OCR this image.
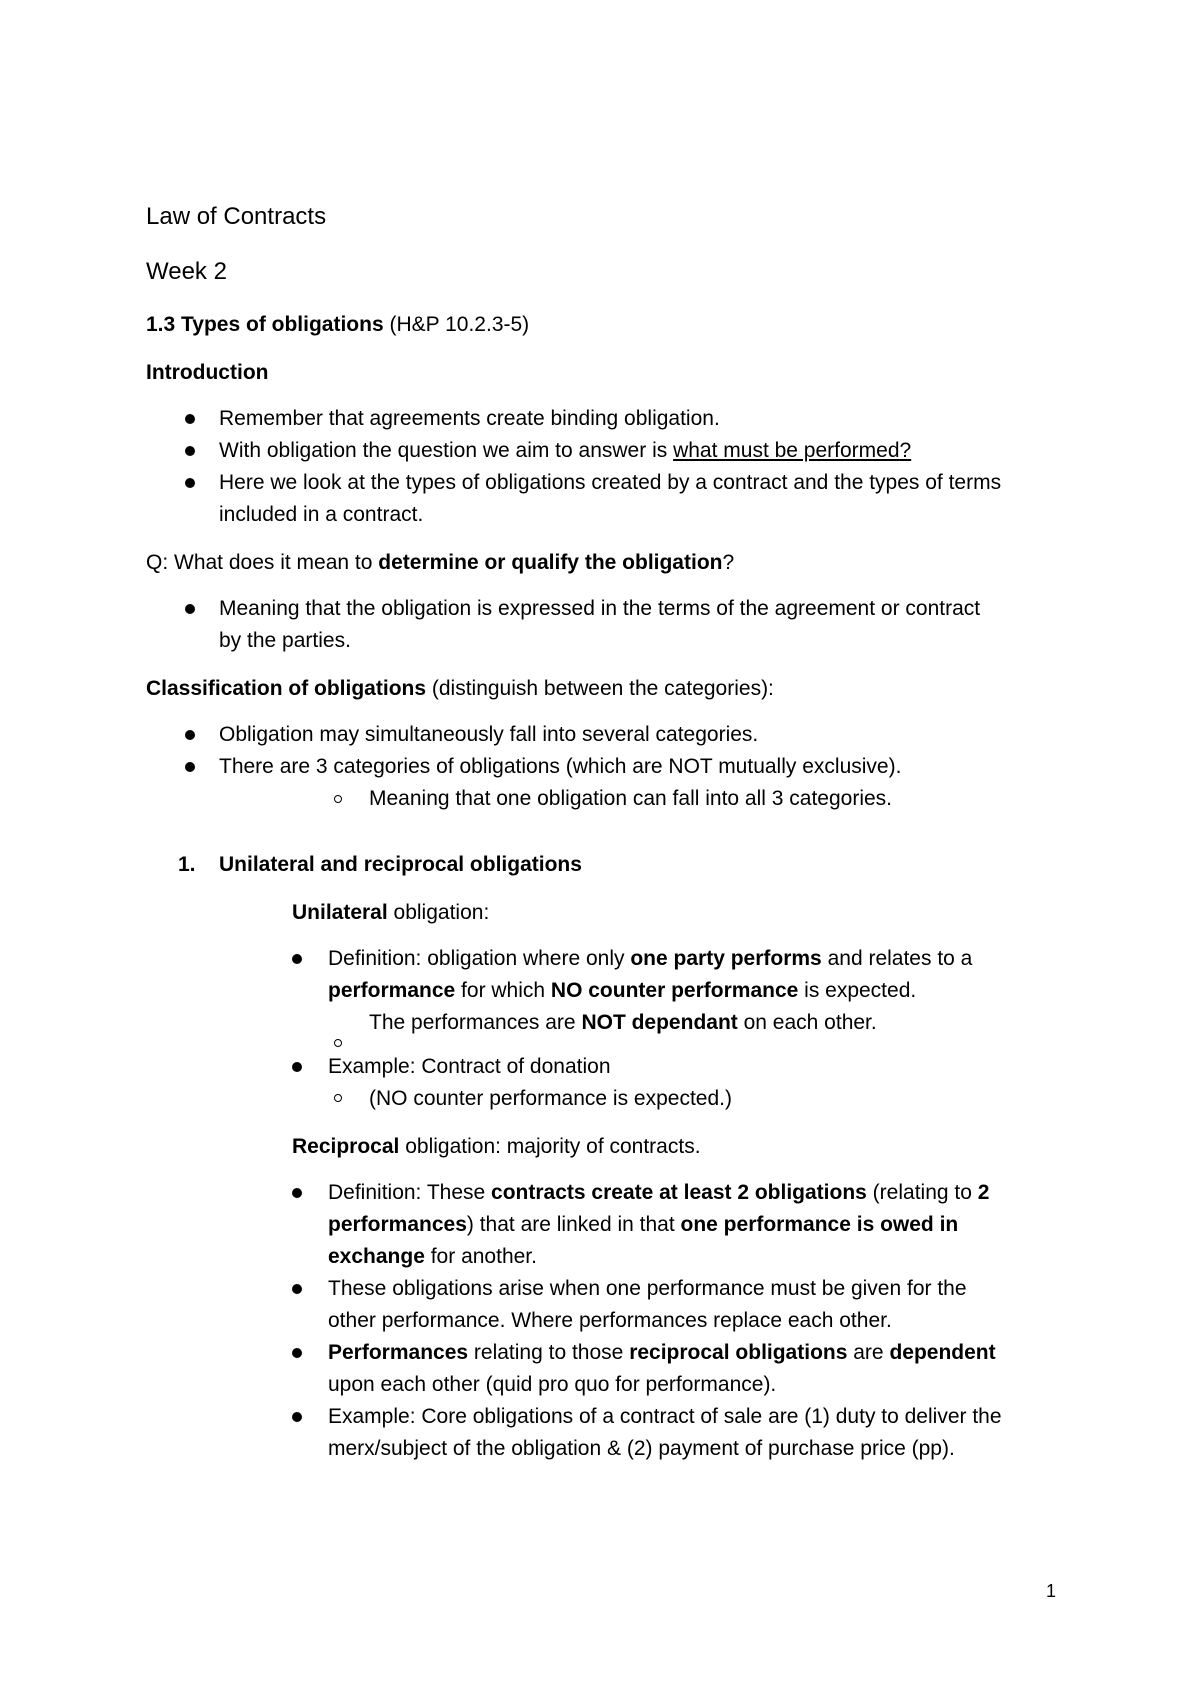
Law of Contracts

Week 2

1.3 Types of obligations (H&P 10.2.3-5)

Introduction

Remember that agreements create binding obligation.

With obligation the question we aim to answer is what must be performed?

Here we look at the types of obligations created by a contract and the types of terms

included in a contract.

Q: What does it mean to determine or qualify the obligation?

Meaning that the obligation is expressed in the terms of the agreement or contract

by the parties.

Classification of obligations (distinguish between the categories):

Obligation may simultaneously fall into several categories.

There are 3 categories of obligations (which are NOT mutually exclusive).

Meaning that one obligation can fall into all 3 categories.

1. Unilateral and reciprocal obligations

Unilateral obligation:

Definition: obligation where only one party performs and relates to a

performance for which NO counter performance is expected.

The performances are NOT dependant on each other.

Example: Contract of donation

(NO counter performance is expected.)

Reciprocal obligation: majority of contracts.

Definition: These contracts create at least 2 obligations (relating to 2

performances) that are linked in that one performance is owed in

exchange for another.

These obligations arise when one performance must be given for the

other performance. Where performances replace each other.

Performances relating to those reciprocal obligations are dependent

upon each other (quid pro quo for performance).

Example: Core obligations of a contract of sale are (1) duty to deliver the

merx/subject of the obligation & (2) payment of purchase price (pp).

1
